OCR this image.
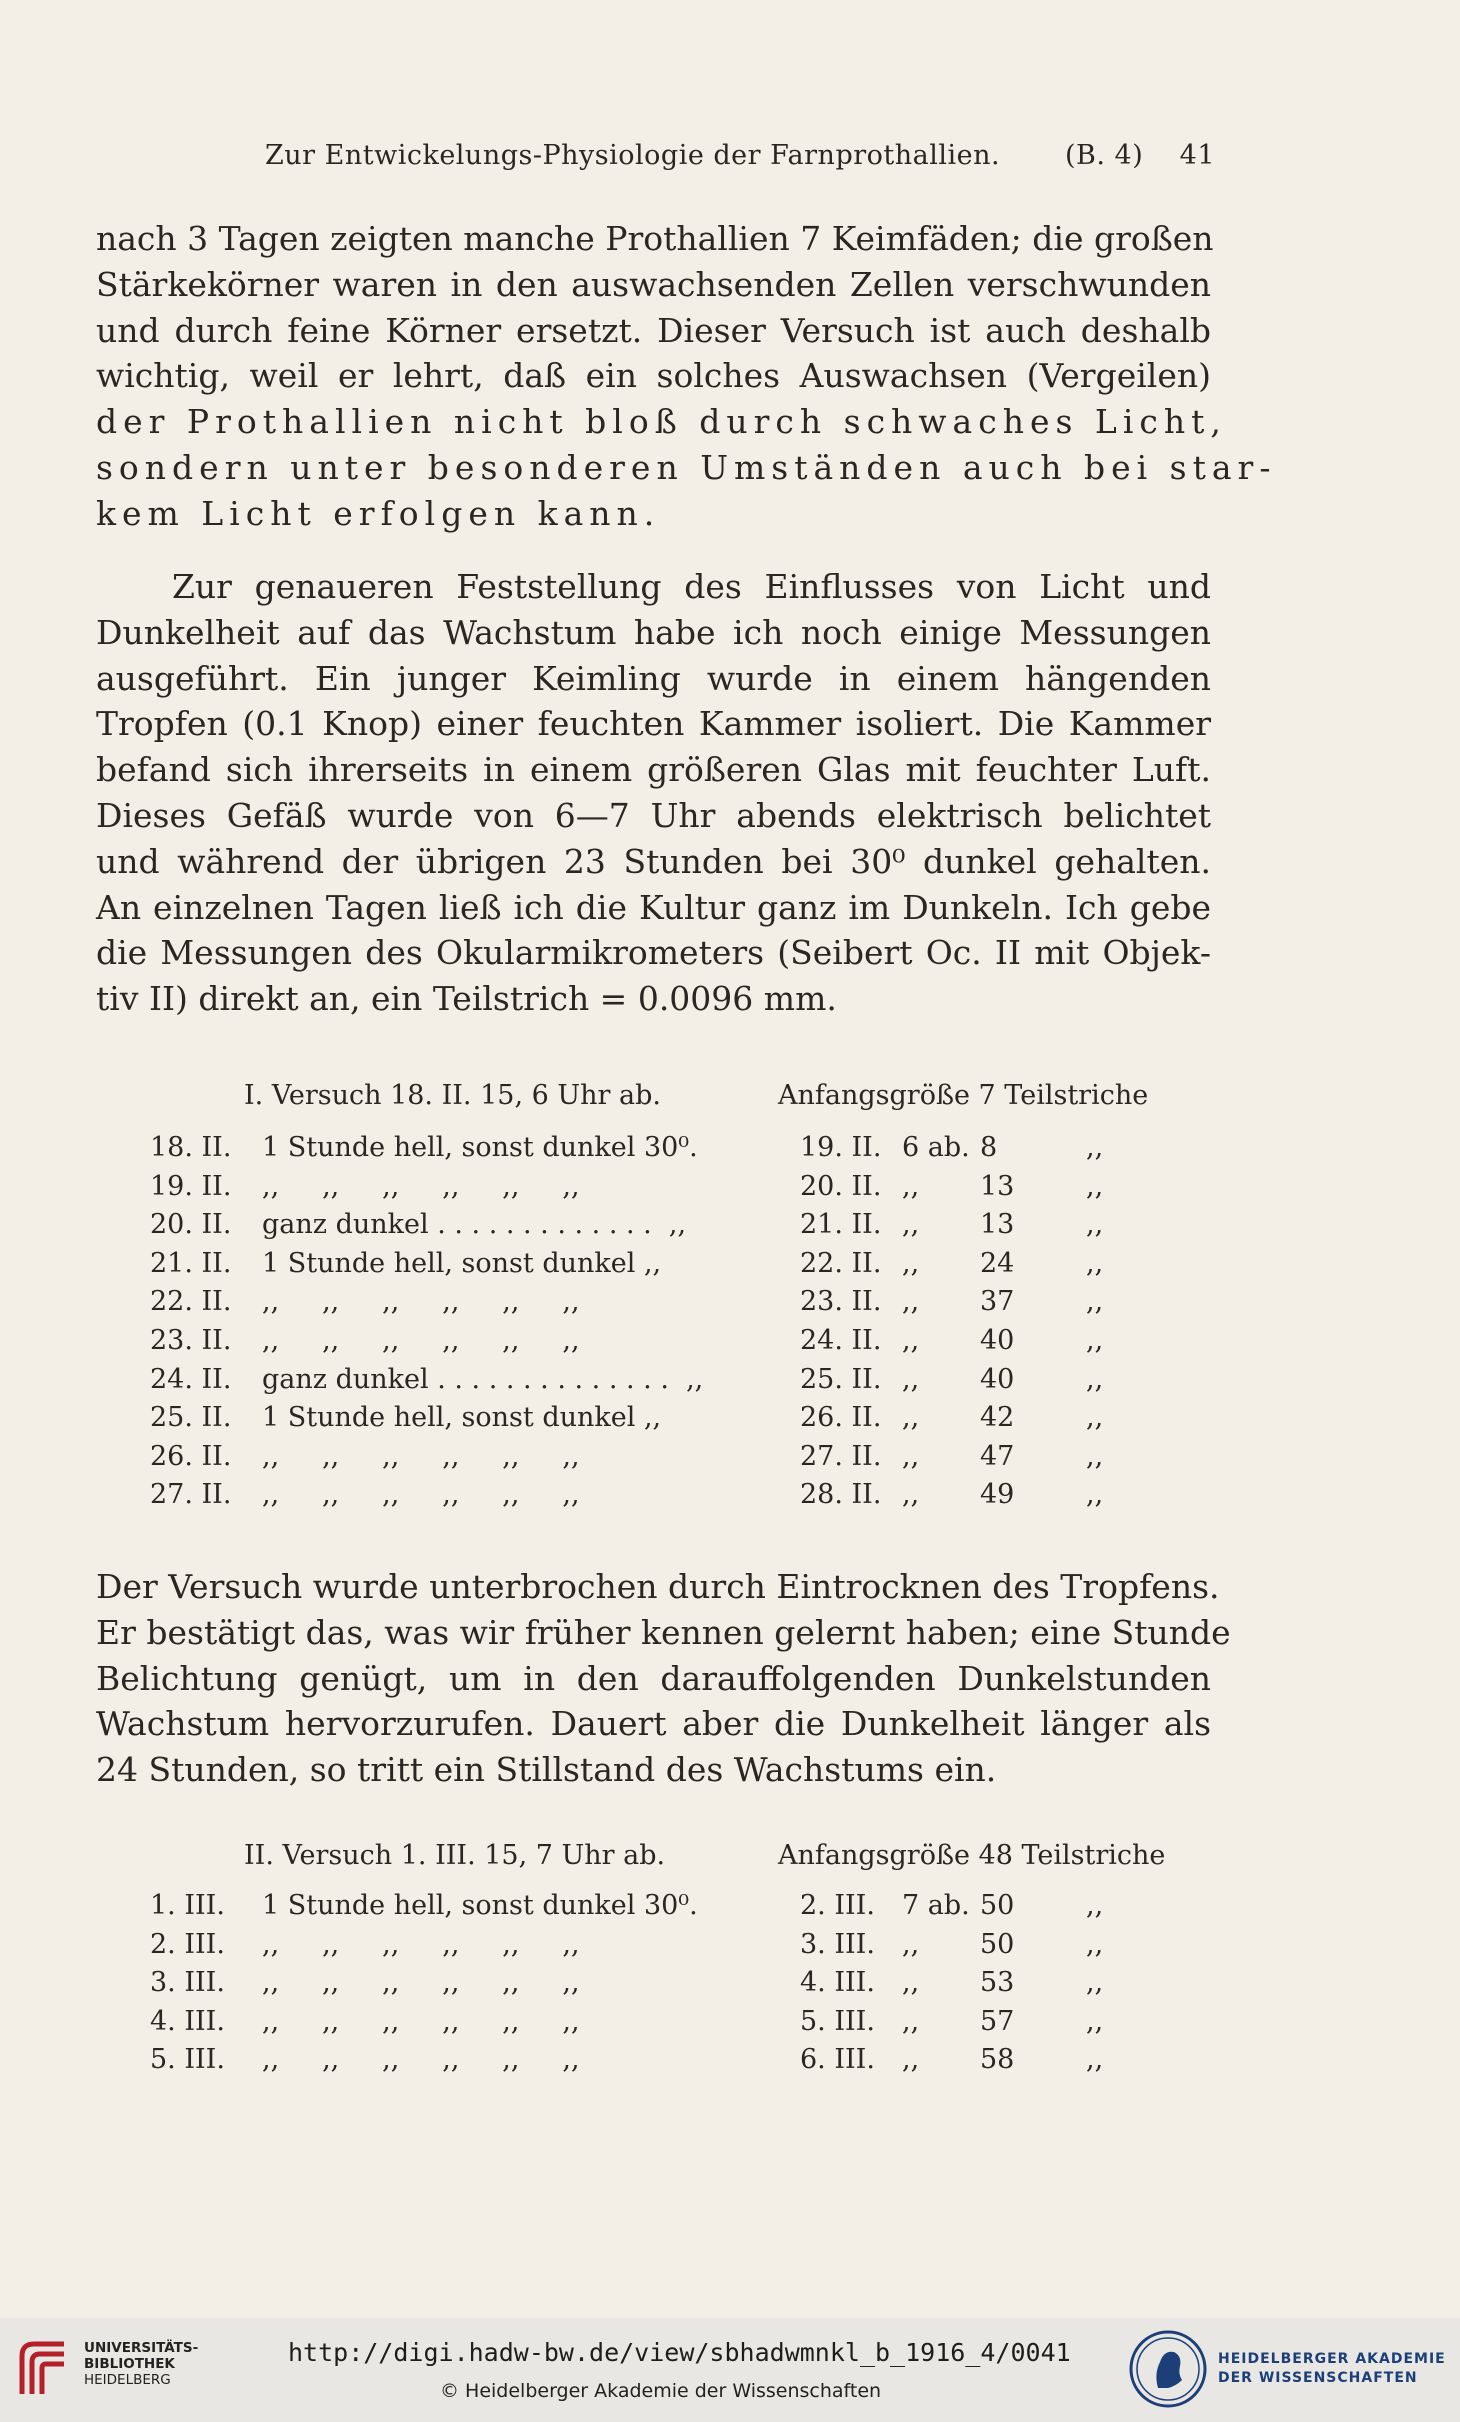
Zur Entwickelungs-Physiologie der Farnprothallien. (B. 4) 41
nach 3 Tagen zeigten manche Prothallien 7 Keimfäden; die großen
Stärkekörner waren in den auswachsenden Zellen verschwunden
und durch feine Körner ersetzt. Dieser Versuch ist auch deshalb
wichtig, weil er lehrt, daß ein solches Auswachsen (Vergeilen)
der Prothallien nicht bloß durch schwaches Licht,
sondern unter besonderen Umständen auch bei star-
kem Licht erfolgen kann.
Zur genaueren Feststellung des Einflusses von Licht und
Dunkelheit auf das Wachstum habe ich noch einige Messungen
ausgeführt. Ein junger Keimling wurde in einem hängenden
Tropfen (0.1 Knop) einer feuchten Kammer isoliert. Die Kammer
befand sich ihrerseits in einem größeren Glas mit feuchter Luft.
Dieses Gefäß wurde von 6—7 Uhr abends elektrisch belichtet
und während der übrigen 23 Stunden bei 30⁰ dunkel gehalten.
An einzelnen Tagen ließ ich die Kultur ganz im Dunkeln. Ich gebe
die Messungen des Okularmikrometers (Seibert Oc. II mit Objek-
tiv II) direkt an, ein Teilstrich = 0.0096 mm.
I. Versuch 18. II. 15, 6 Uhr ab.	Anfangsgröße 7 Teilstriche
18. II. 1 Stunde hell, sonst dunkel 30⁰.	19. II. 6 ab. 8	,,
19. II. ,,     ,,     ,,     ,,     ,,     ,,	20. II. ,, 13	,,
20. II. ganz dunkel . . . . . . . . . . . . .  ,,	21. II. ,, 13	,,
21. II. 1 Stunde hell, sonst dunkel ,,	22. II. ,, 24	,,
22. II. ,,     ,,     ,,     ,,     ,,     ,,	23. II. ,, 37	,,
23. II. ,,     ,,     ,,     ,,     ,,     ,,	24. II. ,, 40	,,
24. II. ganz dunkel . . . . . . . . . . . . . .  ,,	25. II. ,, 40	,,
25. II. 1 Stunde hell, sonst dunkel ,,	26. II. ,, 42	,,
26. II. ,,     ,,     ,,     ,,     ,,     ,,	27. II. ,, 47	,,
27. II. ,,     ,,     ,,     ,,     ,,     ,,	28. II. ,, 49	,,
Der Versuch wurde unterbrochen durch Eintrocknen des Tropfens.
Er bestätigt das, was wir früher kennen gelernt haben; eine Stunde
Belichtung genügt, um in den darauffolgenden Dunkelstunden
Wachstum hervorzurufen. Dauert aber die Dunkelheit länger als
24 Stunden, so tritt ein Stillstand des Wachstums ein.
II. Versuch 1. III. 15, 7 Uhr ab.	Anfangsgröße 48 Teilstriche
1. III. 1 Stunde hell, sonst dunkel 30⁰.	2. III. 7 ab. 50	,,
2. III. ,,     ,,     ,,     ,,     ,,     ,,	3. III. ,, 50	,,
3. III. ,,     ,,     ,,     ,,     ,,     ,,	4. III. ,, 53	,,
4. III. ,,     ,,     ,,     ,,     ,,     ,,	5. III. ,, 57	,,
5. III. ,,     ,,     ,,     ,,     ,,     ,,	6. III. ,, 58	,,
UNIVERSITÄTS-
BIBLIOTHEK
HEIDELBERG
http://digi.hadw-bw.de/view/sbhadwmnkl_b_1916_4/0041
© Heidelberger Akademie der Wissenschaften
HEIDELBERGER AKADEMIE
DER WISSENSCHAFTEN
